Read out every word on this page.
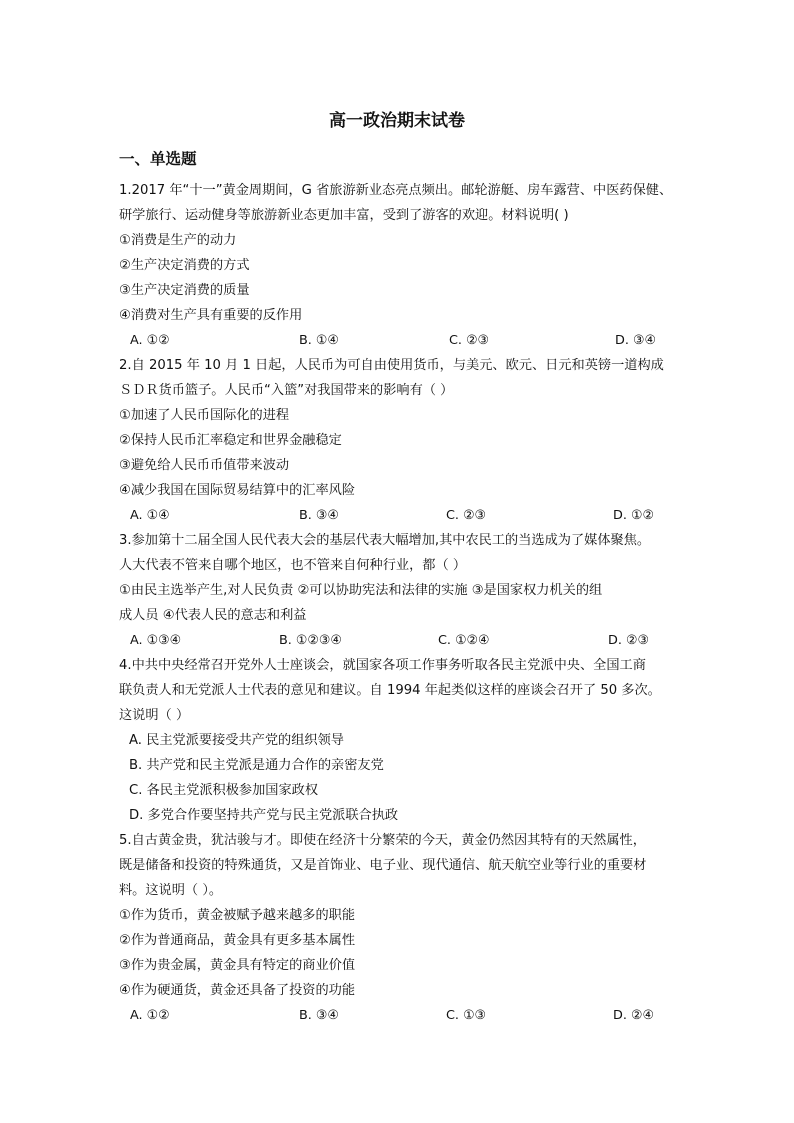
高一政治期末试卷
一、单选题
1.2017 年“十一”黄金周期间，G 省旅游新业态亮点频出。邮轮游艇、房车露营、中医药保健、
研学旅行、运动健身等旅游新业态更加丰富，受到了游客的欢迎。材料说明( )
①消费是生产的动力
②生产决定消费的方式
③生产决定消费的质量
④消费对生产具有重要的反作用
A. ①②	B. ①④	C. ②③	D. ③④
2.自 2015 年 10 月 1 日起，人民币为可自由使用货币，与美元、欧元、日元和英镑一道构成
ＳＤＲ货币篮子。人民币“入篮”对我国带来的影响有（ ）
①加速了人民币国际化的进程
②保持人民币汇率稳定和世界金融稳定
③避免给人民币币值带来波动
④减少我国在国际贸易结算中的汇率风险
A. ①④	B. ③④	C. ②③	D. ①②
3.参加第十二届全国人民代表大会的基层代表大幅增加,其中农民工的当选成为了媒体聚焦。
人大代表不管来自哪个地区，也不管来自何种行业，都（ ）
①由民主选举产生,对人民负责 ②可以协助宪法和法律的实施 ③是国家权力机关的组
成人员 ④代表人民的意志和利益
A. ①③④	B. ①②③④	C. ①②④	D. ②③
4.中共中央经常召开党外人士座谈会，就国家各项工作事务听取各民主党派中央、全国工商
联负责人和无党派人士代表的意见和建议。自 1994 年起类似这样的座谈会召开了 50 多次。
这说明（ ）
A. 民主党派要接受共产党的组织领导
B. 共产党和民主党派是通力合作的亲密友党
C. 各民主党派积极参加国家政权
D. 多党合作要坚持共产党与民主党派联合执政
5.自古黄金贵，犹沽骏与才。即使在经济十分繁荣的今天，黄金仍然因其特有的天然属性，
既是储备和投资的特殊通货，又是首饰业、电子业、现代通信、航天航空业等行业的重要材
料。这说明（ ）。
①作为货币，黄金被赋予越来越多的职能
②作为普通商品，黄金具有更多基本属性
③作为贵金属，黄金具有特定的商业价值
④作为硬通货，黄金还具备了投资的功能
A. ①②	B. ③④	C. ①③	D. ②④
